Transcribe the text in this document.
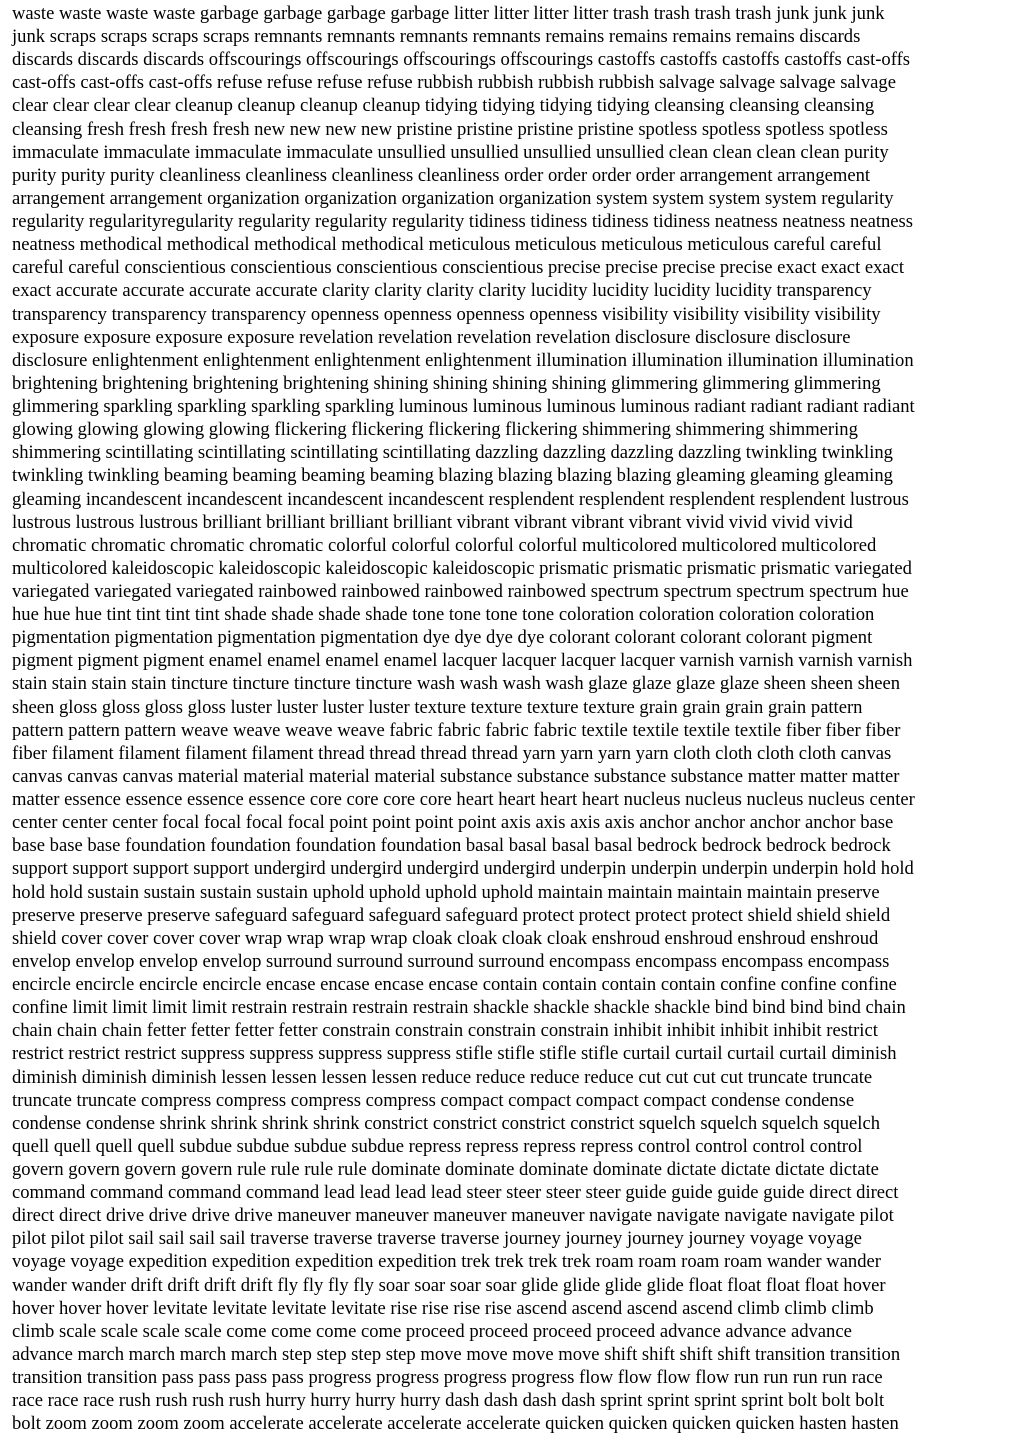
waste waste waste waste garbage garbage garbage garbage litter litter litter litter trash trash trash trash junk junk junk
junk scraps scraps scraps scraps remnants remnants remnants remnants remains remains remains remains discards
discards discards discards offscourings offscourings offscourings offscourings castoffs castoffs castoffs castoffs cast-offs
cast-offs cast-offs cast-offs refuse refuse refuse refuse rubbish rubbish rubbish rubbish salvage salvage salvage salvage
clear clear clear clear cleanup cleanup cleanup cleanup tidying tidying tidying tidying cleansing cleansing cleansing
cleansing fresh fresh fresh fresh new new new new pristine pristine pristine pristine spotless spotless spotless spotless
immaculate immaculate immaculate immaculate unsullied unsullied unsullied unsullied clean clean clean clean purity
purity purity purity cleanliness cleanliness cleanliness cleanliness order order order order arrangement arrangement
arrangement arrangement organization organization organization organization system system system system regularity
regularity regularityregularity regularity regularity regularity tidiness tidiness tidiness tidiness neatness neatness neatness
neatness methodical methodical methodical methodical meticulous meticulous meticulous meticulous careful careful
careful careful conscientious conscientious conscientious conscientious precise precise precise precise exact exact exact
exact accurate accurate accurate accurate clarity clarity clarity clarity lucidity lucidity lucidity lucidity transparency
transparency transparency transparency openness openness openness openness visibility visibility visibility visibility
exposure exposure exposure exposure revelation revelation revelation revelation disclosure disclosure disclosure
disclosure enlightenment enlightenment enlightenment enlightenment illumination illumination illumination illumination
brightening brightening brightening brightening shining shining shining shining glimmering glimmering glimmering
glimmering sparkling sparkling sparkling sparkling luminous luminous luminous luminous radiant radiant radiant radiant
glowing glowing glowing glowing flickering flickering flickering flickering shimmering shimmering shimmering
shimmering scintillating scintillating scintillating scintillating dazzling dazzling dazzling dazzling twinkling twinkling
twinkling twinkling beaming beaming beaming beaming blazing blazing blazing blazing gleaming gleaming gleaming
gleaming incandescent incandescent incandescent incandescent resplendent resplendent resplendent resplendent lustrous
lustrous lustrous lustrous brilliant brilliant brilliant brilliant vibrant vibrant vibrant vibrant vivid vivid vivid vivid
chromatic chromatic chromatic chromatic colorful colorful colorful colorful multicolored multicolored multicolored
multicolored kaleidoscopic kaleidoscopic kaleidoscopic kaleidoscopic prismatic prismatic prismatic prismatic variegated
variegated variegated variegated rainbowed rainbowed rainbowed rainbowed spectrum spectrum spectrum spectrum hue
hue hue hue tint tint tint tint shade shade shade shade tone tone tone tone coloration coloration coloration coloration
pigmentation pigmentation pigmentation pigmentation dye dye dye dye colorant colorant colorant colorant pigment
pigment pigment pigment enamel enamel enamel enamel lacquer lacquer lacquer lacquer varnish varnish varnish varnish
stain stain stain stain tincture tincture tincture tincture wash wash wash wash glaze glaze glaze glaze sheen sheen sheen
sheen gloss gloss gloss gloss luster luster luster luster texture texture texture texture grain grain grain grain pattern
pattern pattern pattern weave weave weave weave fabric fabric fabric fabric textile textile textile textile fiber fiber fiber
fiber filament filament filament filament thread thread thread thread yarn yarn yarn yarn cloth cloth cloth cloth canvas
canvas canvas canvas material material material material substance substance substance substance matter matter matter
matter essence essence essence essence core core core core heart heart heart heart nucleus nucleus nucleus nucleus center
center center center focal focal focal focal point point point point axis axis axis axis anchor anchor anchor anchor base
base base base foundation foundation foundation foundation basal basal basal basal bedrock bedrock bedrock bedrock
support support support support undergird undergird undergird undergird underpin underpin underpin underpin hold hold
hold hold sustain sustain sustain sustain uphold uphold uphold uphold maintain maintain maintain maintain preserve
preserve preserve preserve safeguard safeguard safeguard safeguard protect protect protect protect shield shield shield
shield cover cover cover cover wrap wrap wrap wrap cloak cloak cloak cloak enshroud enshroud enshroud enshroud
envelop envelop envelop envelop surround surround surround surround encompass encompass encompass encompass
encircle encircle encircle encircle encase encase encase encase contain contain contain contain confine confine confine
confine limit limit limit limit restrain restrain restrain restrain shackle shackle shackle shackle bind bind bind bind chain
chain chain chain fetter fetter fetter fetter constrain constrain constrain constrain inhibit inhibit inhibit inhibit restrict
restrict restrict restrict suppress suppress suppress suppress stifle stifle stifle stifle curtail curtail curtail curtail diminish
diminish diminish diminish lessen lessen lessen lessen reduce reduce reduce reduce cut cut cut cut truncate truncate
truncate truncate compress compress compress compress compact compact compact compact condense condense
condense condense shrink shrink shrink shrink constrict constrict constrict constrict squelch squelch squelch squelch
quell quell quell quell subdue subdue subdue subdue repress repress repress repress control control control control
govern govern govern govern rule rule rule rule dominate dominate dominate dominate dictate dictate dictate dictate
command command command command lead lead lead lead steer steer steer steer guide guide guide guide direct direct
direct direct drive drive drive drive maneuver maneuver maneuver maneuver navigate navigate navigate navigate pilot
pilot pilot pilot sail sail sail sail traverse traverse traverse traverse journey journey journey journey voyage voyage
voyage voyage expedition expedition expedition expedition trek trek trek trek roam roam roam roam wander wander
wander wander drift drift drift drift fly fly fly fly soar soar soar soar glide glide glide glide float float float float hover
hover hover hover levitate levitate levitate levitate rise rise rise rise ascend ascend ascend ascend climb climb climb
climb scale scale scale scale come come come come proceed proceed proceed proceed advance advance advance
advance march march march march step step step step move move move move shift shift shift shift transition transition
transition transition pass pass pass pass progress progress progress progress flow flow flow flow run run run run race
race race race rush rush rush rush hurry hurry hurry hurry dash dash dash dash sprint sprint sprint sprint bolt bolt bolt
bolt zoom zoom zoom zoom accelerate accelerate accelerate accelerate quicken quicken quicken quicken hasten hasten
